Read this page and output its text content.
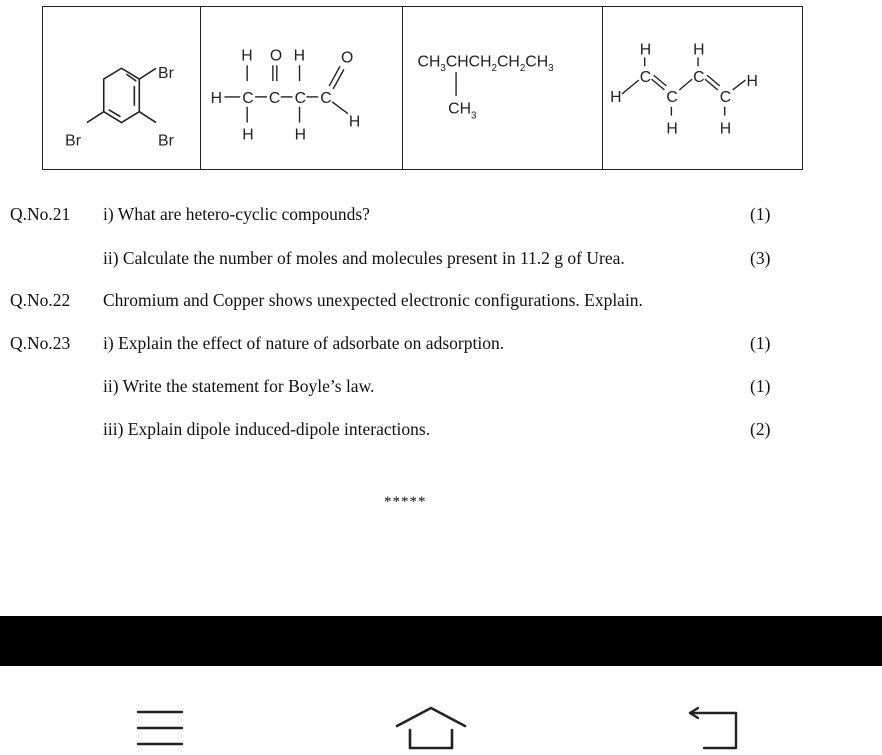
Br
Br
Br
H O H O
H C C C C
H	H
H
$CH_3CHCH_2CH_2CH_3$
$CH_3$
H	H
H
H
C
C
C
C
H	H
Q.No.21 i) What are hetero-cyclic compounds?	(1)
ii) Calculate the number of moles and molecules present in 11.2 g of Urea.	(3)
Q.No.22 Chromium and Copper shows unexpected electronic configurations. Explain.
Q.No.23 i) Explain the effect of nature of adsorbate on adsorption.	(1)
ii) Write the statement for Boyle’s law.	(1)
iii) Explain dipole induced-dipole interactions.	(2)
*****
